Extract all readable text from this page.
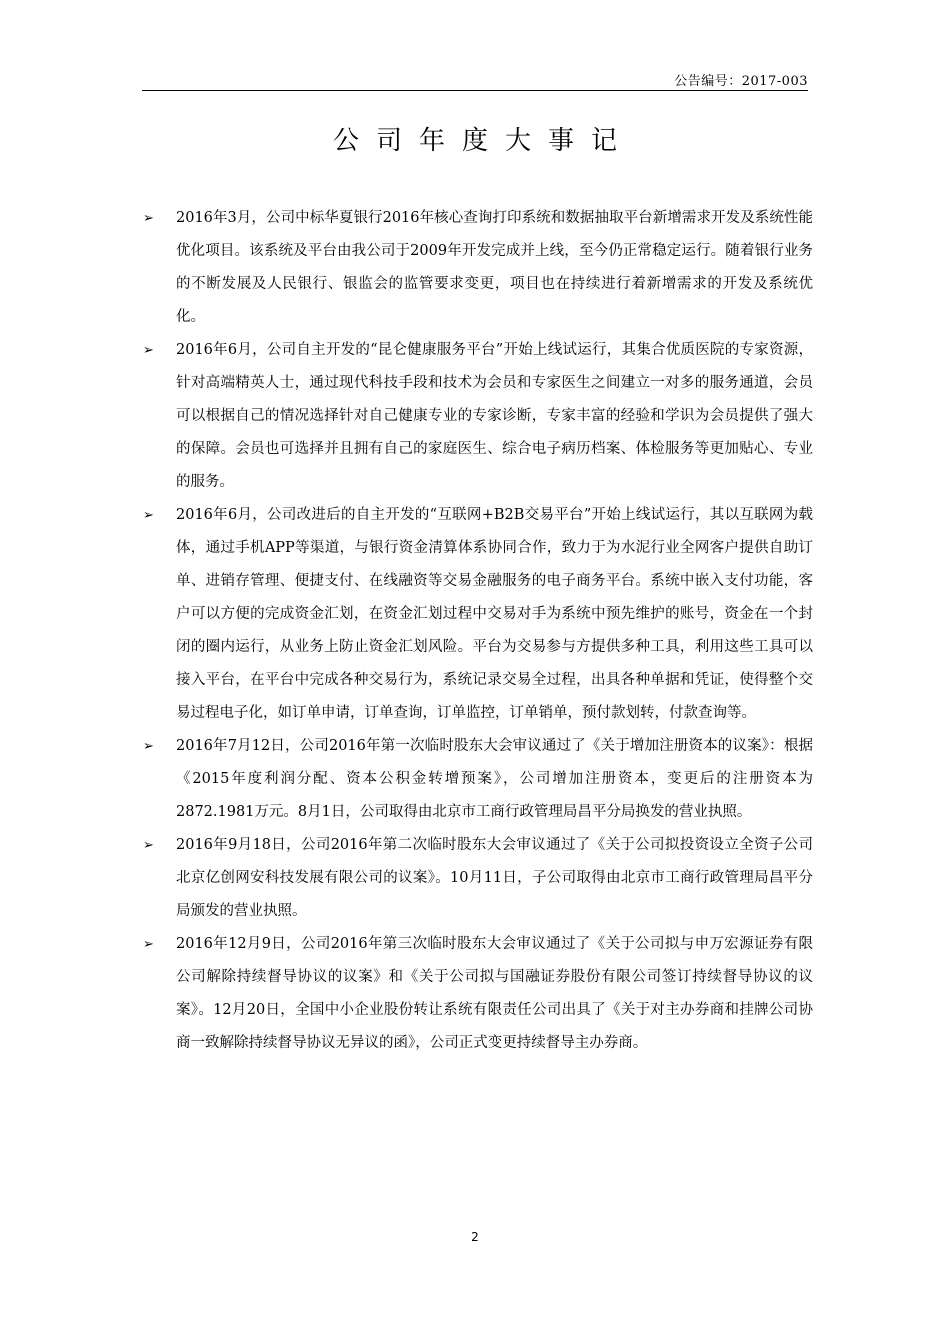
公告编号：2017-003
公司年度大事记
➢	2016年3月，公司中标华夏银行2016年核心查询打印系统和数据抽取平台新增需求开发及系统性能优化项目。该系统及平台由我公司于2009年开发完成并上线，至今仍正常稳定运行。随着银行业务的不断发展及人民银行、银监会的监管要求变更，项目也在持续进行着新增需求的开发及系统优化。
➢	2016年6月，公司自主开发的“昆仑健康服务平台”开始上线试运行，其集合优质医院的专家资源，针对高端精英人士，通过现代科技手段和技术为会员和专家医生之间建立一对多的服务通道，会员可以根据自己的情况选择针对自己健康专业的专家诊断，专家丰富的经验和学识为会员提供了强大的保障。会员也可选择并且拥有自己的家庭医生、综合电子病历档案、体检服务等更加贴心、专业的服务。
➢	2016年6月，公司改进后的自主开发的“互联网+B2B交易平台”开始上线试运行，其以互联网为载体，通过手机APP等渠道，与银行资金清算体系协同合作，致力于为水泥行业全网客户提供自助订单、进销存管理、便捷支付、在线融资等交易金融服务的电子商务平台。系统中嵌入支付功能，客户可以方便的完成资金汇划，在资金汇划过程中交易对手为系统中预先维护的账号，资金在一个封闭的圈内运行，从业务上防止资金汇划风险。平台为交易参与方提供多种工具，利用这些工具可以接入平台，在平台中完成各种交易行为，系统记录交易全过程，出具各种单据和凭证，使得整个交易过程电子化，如订单申请，订单查询，订单监控，订单销单，预付款划转，付款查询等。
➢	2016年7月12日，公司2016年第一次临时股东大会审议通过了《关于增加注册资本的议案》：根据《2015年度利润分配、资本公积金转增预案》，公司增加注册资本，变更后的注册资本为2872.1981万元。8月1日，公司取得由北京市工商行政管理局昌平分局换发的营业执照。
➢	2016年9月18日，公司2016年第二次临时股东大会审议通过了《关于公司拟投资设立全资子公司北京亿创网安科技发展有限公司的议案》。10月11日，子公司取得由北京市工商行政管理局昌平分局颁发的营业执照。
➢	2016年12月9日，公司2016年第三次临时股东大会审议通过了《关于公司拟与申万宏源证券有限公司解除持续督导协议的议案》和《关于公司拟与国融证券股份有限公司签订持续督导协议的议案》。12月20日，全国中小企业股份转让系统有限责任公司出具了《关于对主办券商和挂牌公司协商一致解除持续督导协议无异议的函》，公司正式变更持续督导主办券商。
2
